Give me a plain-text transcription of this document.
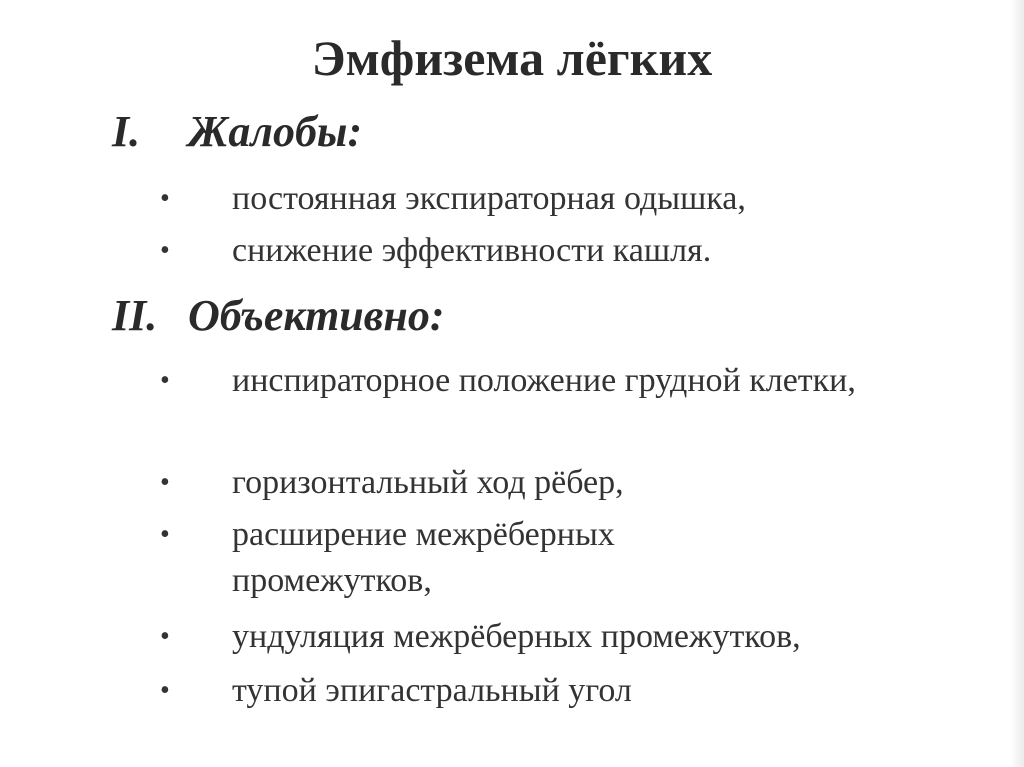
Эмфизема лёгких
I. Жалобы:
• постоянная экспираторная одышка,
• снижение эффективности кашля.
II. Объективно:
• инспираторное положение грудной клетки,
• горизонтальный ход рёбер,
• расширение межрёберных промежутков,
• ундуляция межрёберных промежутков,
• тупой эпигастральный угол
